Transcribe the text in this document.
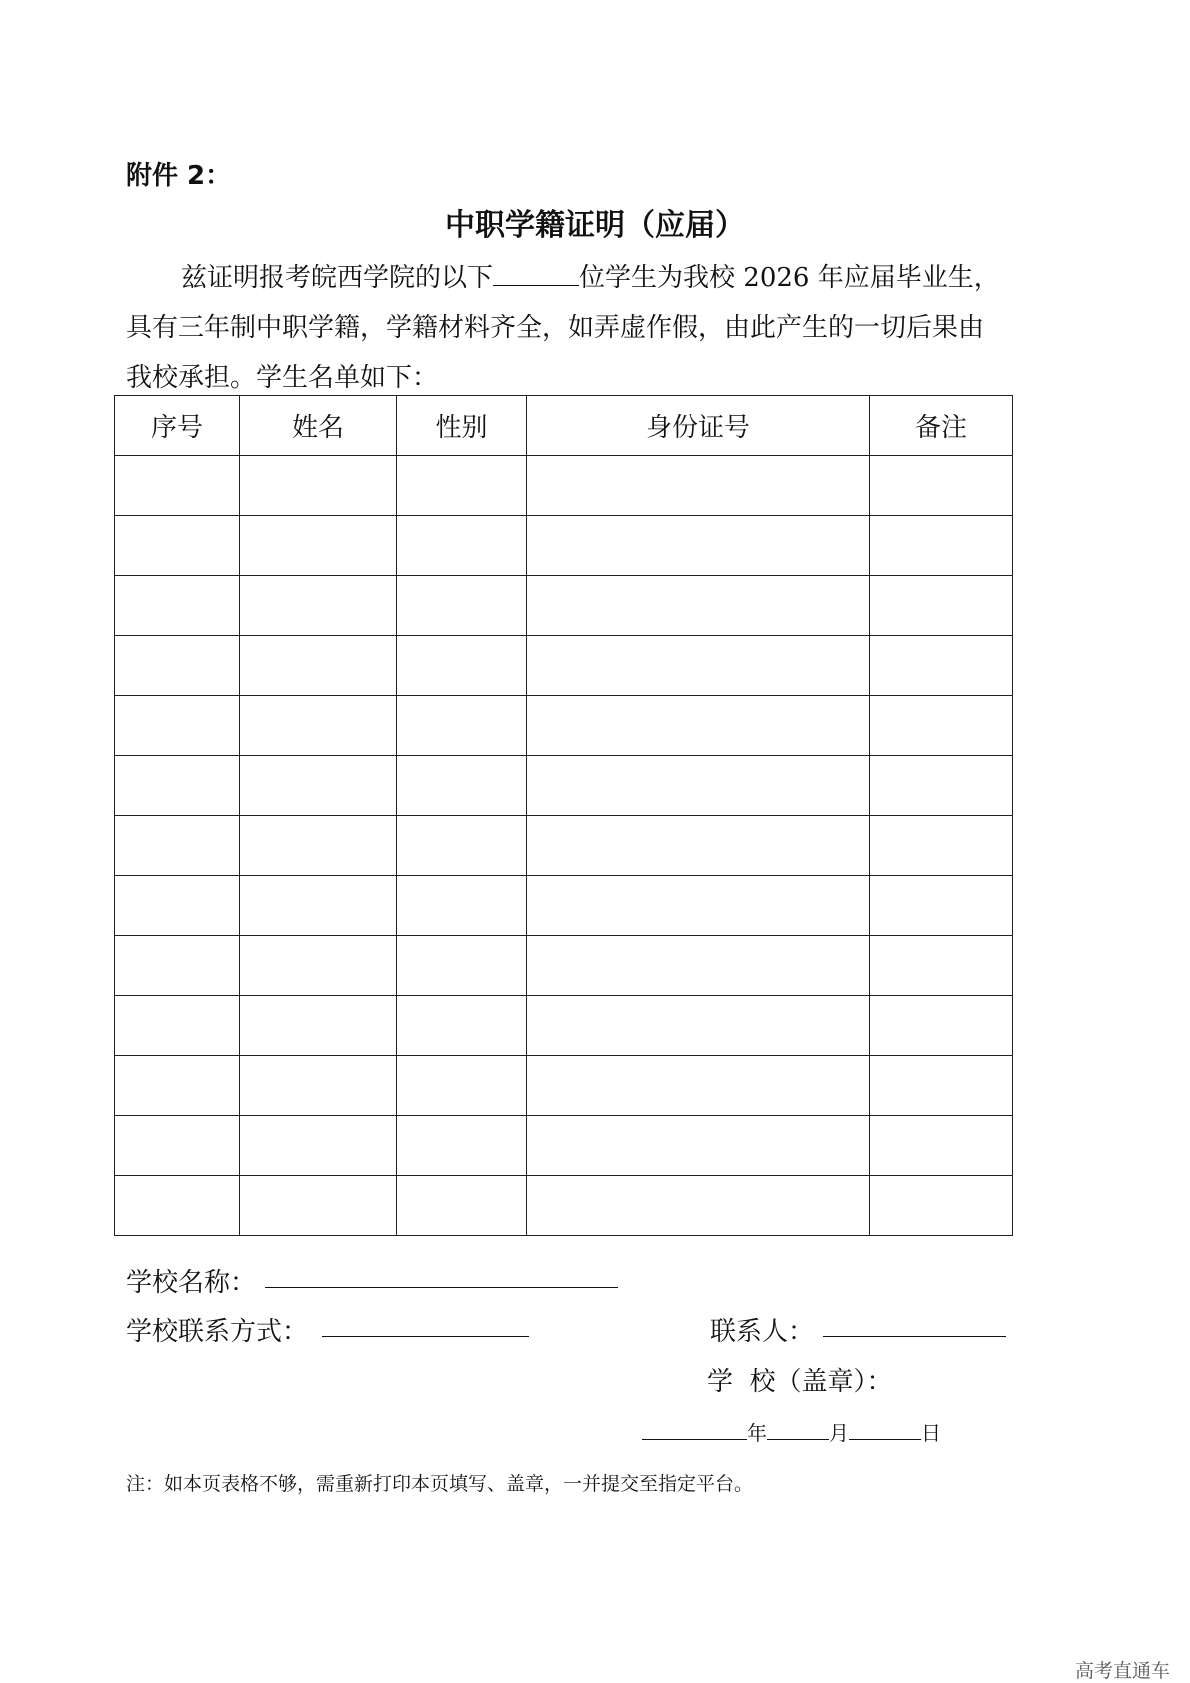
附件 2：
中职学籍证明（应届）
兹证明报考皖西学院的以下	位学生为我校 2026 年应届毕业生，
具有三年制中职学籍，学籍材料齐全，如弄虚作假，由此产生的一切后果由
我校承担。学生名单如下：
序号	姓名	性别	身份证号	备注

学校名称：
学校联系方式：	联系人：
学  校（盖章）：
年	月	日
注：如本页表格不够，需重新打印本页填写、盖章，一并提交至指定平台。
高考直通车
